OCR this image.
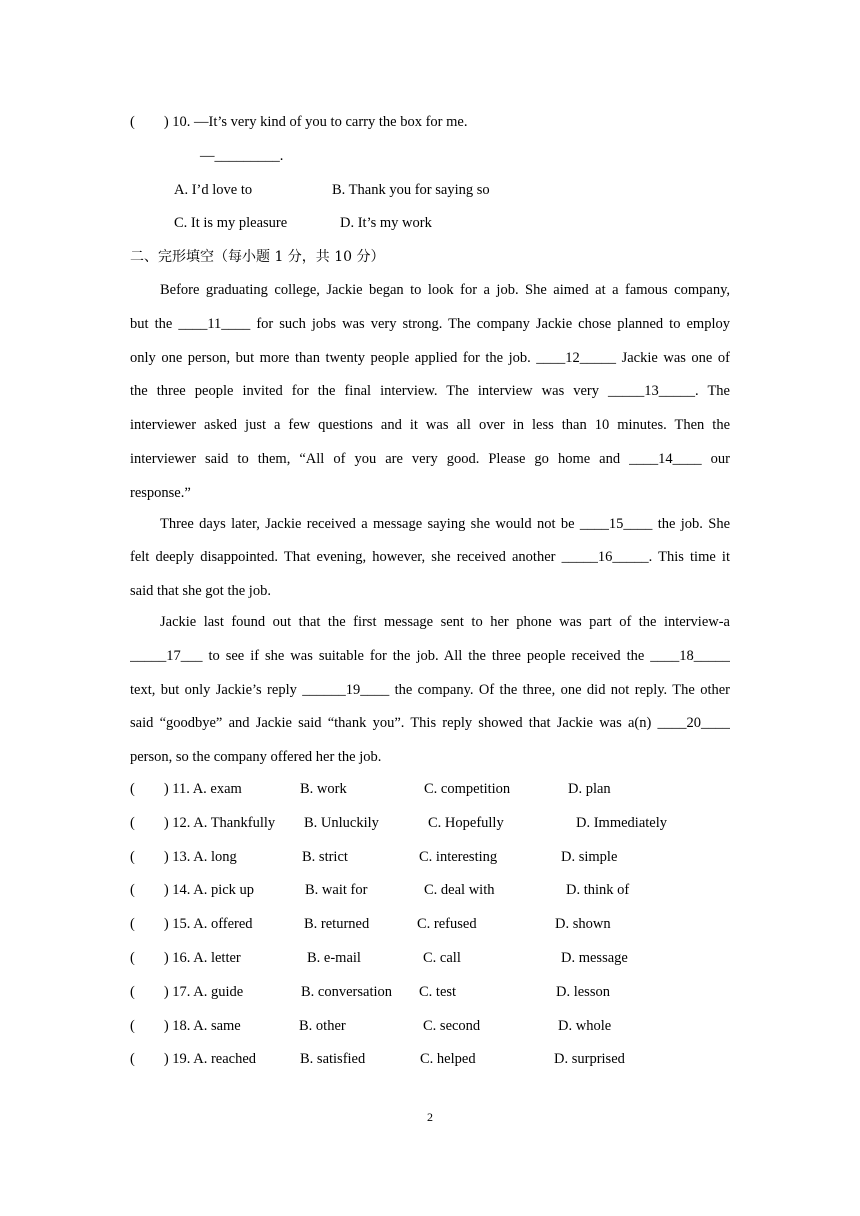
(        ) 10. —It’s very kind of you to carry the box for me.
—_________.
A. I’d love to	B. Thank you for saying so
C. It is my pleasure	D. It’s my work
二、完形填空（每小题 1 分，共 10 分）
Before graduating college, Jackie began to look for a job. She aimed at a famous company,
but the ____11____ for such jobs was very strong. The company Jackie chose planned to employ
only one person, but more than twenty people applied for the job. ____12_____ Jackie was one of
the three people invited for the final interview. The interview was very _____13_____. The
interviewer asked just a few questions and it was all over in less than 10 minutes. Then the
interviewer said to them, “All of you are very good. Please go home and ____14____ our
response.”
Three days later, Jackie received a message saying she would not be ____15____ the job. She
felt deeply disappointed. That evening, however, she received another _____16_____. This time it
said that she got the job.
Jackie last found out that the first message sent to her phone was part of the interview-a
_____17___ to see if she was suitable for the job. All the three people received the ____18_____
text, but only Jackie’s reply ______19____ the company. Of the three, one did not reply. The other
said “goodbye” and Jackie said “thank you”. This reply showed that Jackie was a(n) ____20____
person, so the company offered her the job.
(        ) 11. A. exam	B. work	C. competition	D. plan
(        ) 12. A. Thankfully B. Unluckily	C. Hopefully	D. Immediately
(        ) 13. A. long	B. strict	C. interesting	D. simple
(        ) 14. A. pick up	B. wait for	C. deal with	D. think of
(        ) 15. A. offered	B. returned	C. refused	D. shown
(        ) 16. A. letter	B. e-mail	C. call	D. message
(        ) 17. A. guide	B. conversation C. test	D. lesson
(        ) 18. A. same	B. other	C. second	D. whole
(        ) 19. A. reached	B. satisfied	C. helped	D. surprised
2
